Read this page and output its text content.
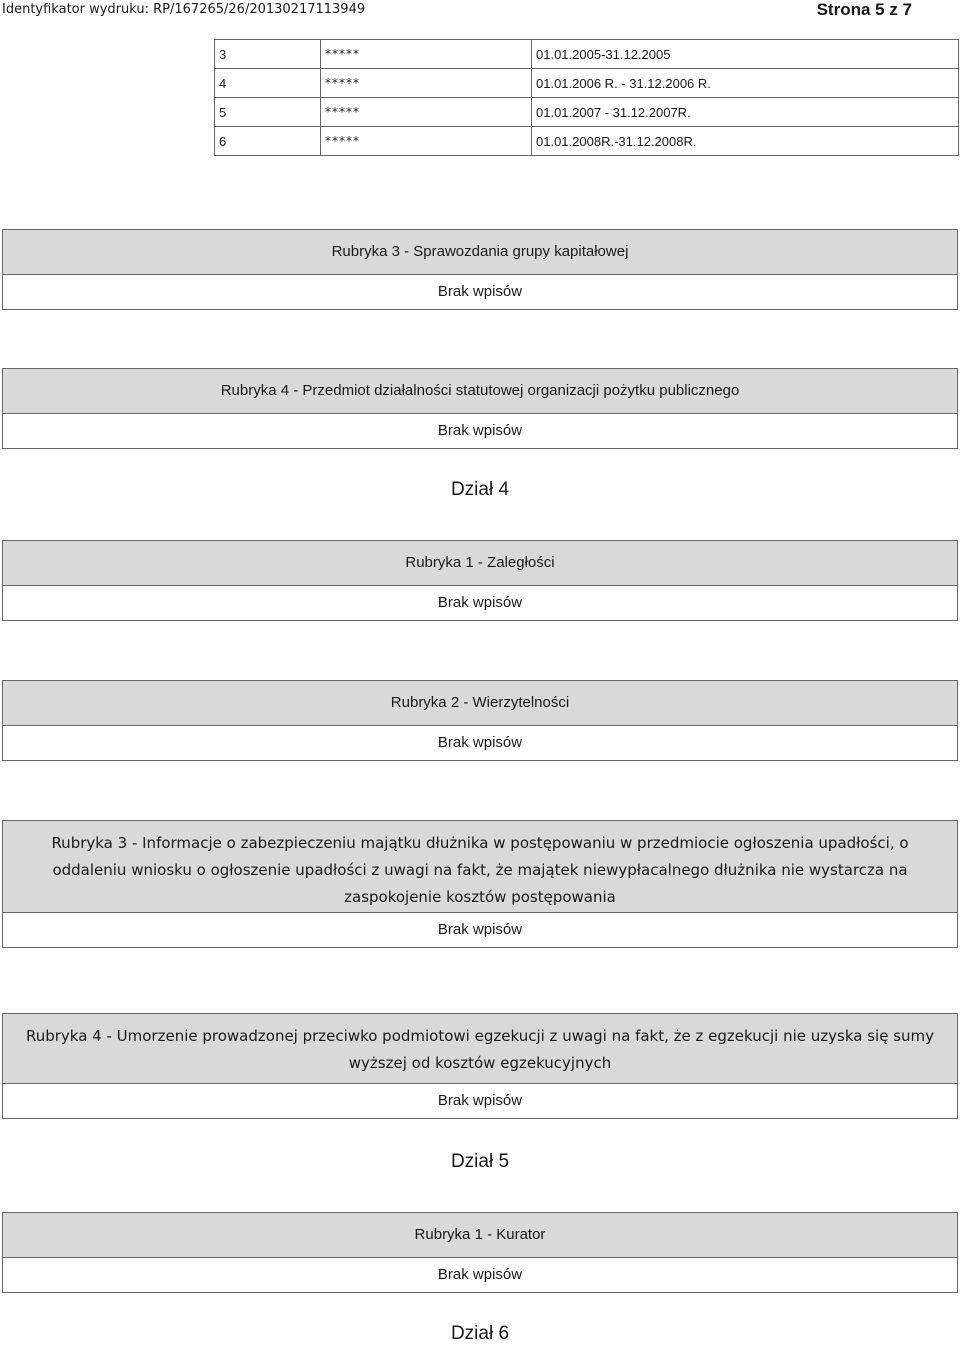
Identyfikator wydruku: RP/167265/26/20130217113949	Strona 5 z 7
3	*****	01.01.2005-31.12.2005
4	*****	01.01.2006 R. - 31.12.2006 R.
5	*****	01.01.2007 - 31.12.2007R.
6	*****	01.01.2008R.-31.12.2008R.
Rubryka 3 - Sprawozdania grupy kapitałowej
Brak wpisów
Rubryka 4 - Przedmiot działalności statutowej organizacji pożytku publicznego
Brak wpisów
Dział 4
Rubryka 1 - Zaległości
Brak wpisów
Rubryka 2 - Wierzytelności
Brak wpisów
Rubryka 3 - Informacje o zabezpieczeniu majątku dłużnika w postępowaniu w przedmiocie ogłoszenia upadłości, o oddaleniu wniosku o ogłoszenie upadłości z uwagi na fakt, że majątek niewypłacalnego dłużnika nie wystarcza na zaspokojenie kosztów postępowania
Brak wpisów
Rubryka 4 - Umorzenie prowadzonej przeciwko podmiotowi egzekucji z uwagi na fakt, że z egzekucji nie uzyska się sumy wyższej od kosztów egzekucyjnych
Brak wpisów
Dział 5
Rubryka 1 - Kurator
Brak wpisów
Dział 6
